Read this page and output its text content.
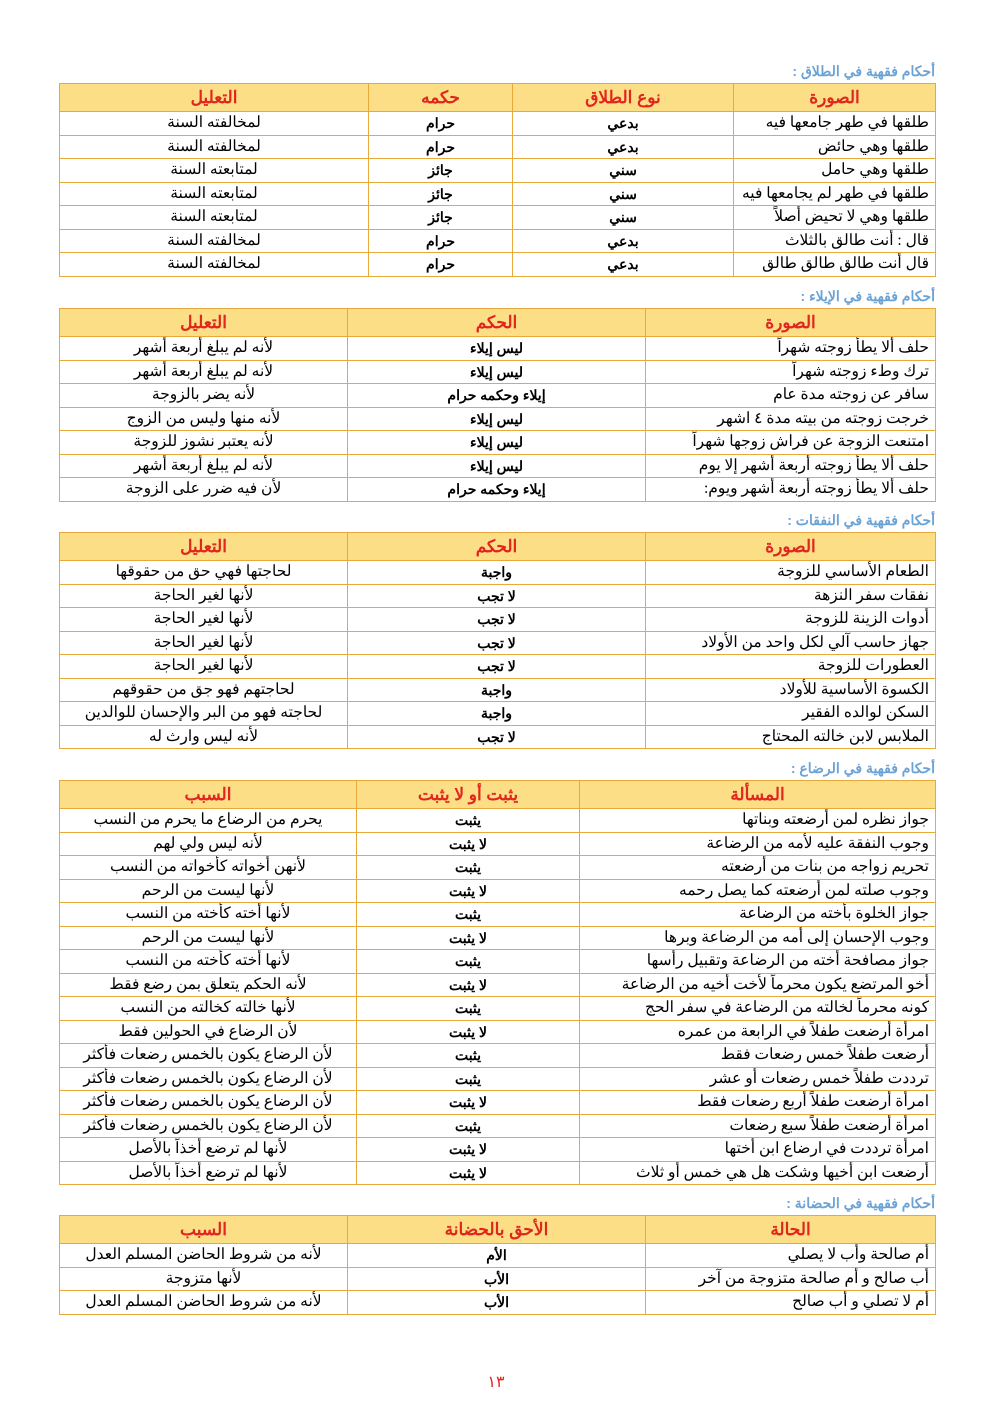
أحكام فقهية في الطلاق :
الصورة	نوع الطلاق	حكمه	التعليل
طلقها في طهر جامعها فيه	بدعي	حرام	لمخالفته السنة
طلقها وهي حائض	بدعي	حرام	لمخالفته السنة
طلقها وهي حامل	سني	جائز	لمتابعته السنة
طلقها في طهر لم يجامعها فيه	سني	جائز	لمتابعته السنة
طلقها وهي لا تحيض أصلاً	سني	جائز	لمتابعته السنة
قال : أنت طالق بالثلاث	بدعي	حرام	لمخالفته السنة
قال أنت طالق طالق طالق	بدعي	حرام	لمخالفته السنة
أحكام فقهية في الإيلاء :
الصورة	الحكم	التعليل
حلف ألا يطأ زوجته شهراً	ليس إيلاء	لأنه لم يبلغ أربعة أشهر
ترك وطء زوجته شهراً	ليس إيلاء	لأنه لم يبلغ أربعة أشهر
سافر عن زوجته مدة عام	إيلاء وحكمه حرام	لأنه يضر بالزوجة
خرجت زوجته من بيته مدة ٤ اشهر	ليس إيلاء	لأنه منها وليس من الزوج
امتنعت الزوجة عن فراش زوجها شهراً	ليس إيلاء	لأنه يعتبر نشوز للزوجة
حلف ألا يطأ زوجته أربعة أشهر إلا يوم	ليس إيلاء	لأنه لم يبلغ أربعة أشهر
حلف ألا يطأ زوجته أربعة أشهر ويوم:	إيلاء وحكمه حرام	لأن فيه ضرر على الزوجة
أحكام فقهية في النفقات :
الصورة	الحكم	التعليل
الطعام الأساسي للزوجة	واجبة	لحاجتها فهي حق من حقوقها
نفقات سفر النزهة	لا تجب	لأنها لغير الحاجة
أدوات الزينة للزوجة	لا تجب	لأنها لغير الحاجة
جهاز حاسب آلي لكل واحد من الأولاد	لا تجب	لأنها لغير الحاجة
العطورات للزوجة	لا تجب	لأنها لغير الحاجة
الكسوة الأساسية للأولاد	واجبة	لحاجتهم فهو جق من حقوقهم
السكن لوالده الفقير	واجبة	لحاجته فهو من البر والإحسان للوالدين
الملابس لابن خالته المحتاج	لا تجب	لأنه ليس وارث له
أحكام فقهية في الرضاع :
المسألة	يثبت أو لا يثبت	السبب
جواز نظره لمن أرضعته وبناتها	يثبت	يحرم من الرضاع ما يحرم من النسب
وجوب النفقة عليه لأمه من الرضاعة	لا يثبت	لأنه ليس ولي لهم
تحريم زواجه من بنات من أرضعته	يثبت	لأنهن أخواته كأخواته من النسب
وجوب صلته لمن أرضعته كما يصل رحمه	لا يثبت	لأنها ليست من الرحم
جواز الخلوة بأخته من الرضاعة	يثبت	لأنها أخته كأخته من النسب
وجوب الإحسان إلى أمه من الرضاعة وبرها	لا يثبت	لأنها ليست من الرحم
جواز مصافحة أخته من الرضاعة وتقبيل رأسها	يثبت	لأنها أخته كأخته من النسب
أخو المرتضع يكون محرماً لأخت أخيه من الرضاعة	لا يثبت	لأنه الحكم يتعلق بمن رضع فقط
كونه محرماً لخالته من الرضاعة في سفر الحج	يثبت	لأنها خالته كخالته من النسب
امرأة أرضعت طفلاً في الرابعة من عمره	لا يثبت	لأن الرضاع في الحولين فقط
أرضعت طفلاً خمس رضعات فقط	يثبت	لأن الرضاع يكون بالخمس رضعات فأكثر
ترددت طفلاً خمس رضعات أو عشر	يثبت	لأن الرضاع يكون بالخمس رضعات فأكثر
امرأة أرضعت طفلاً أربع رضعات فقط	لا يثبت	لأن الرضاع يكون بالخمس رضعات فأكثر
امرأة أرضعت طفلاً سبع رضعات	يثبت	لأن الرضاع يكون بالخمس رضعات فأكثر
امرأة ترددت في ارضاع ابن أختها	لا يثبت	لأنها لم ترضع أخذاً بالأصل
أرضعت ابن أخيها وشكت هل هي خمس أو ثلاث	لا يثبت	لأنها لم ترضع أخذاً بالأصل
أحكام فقهية في الحضانة :
الحالة	الأحق بالحضانة	السبب
أم صالحة وأب لا يصلي	الأم	لأنه من شروط الحاضن المسلم العدل
أب صالح و أم صالحة متزوجة من آخر	الأب	لأنها متزوجة
أم لا تصلي و أب صالح	الأب	لأنه من شروط الحاضن المسلم العدل
١٣
